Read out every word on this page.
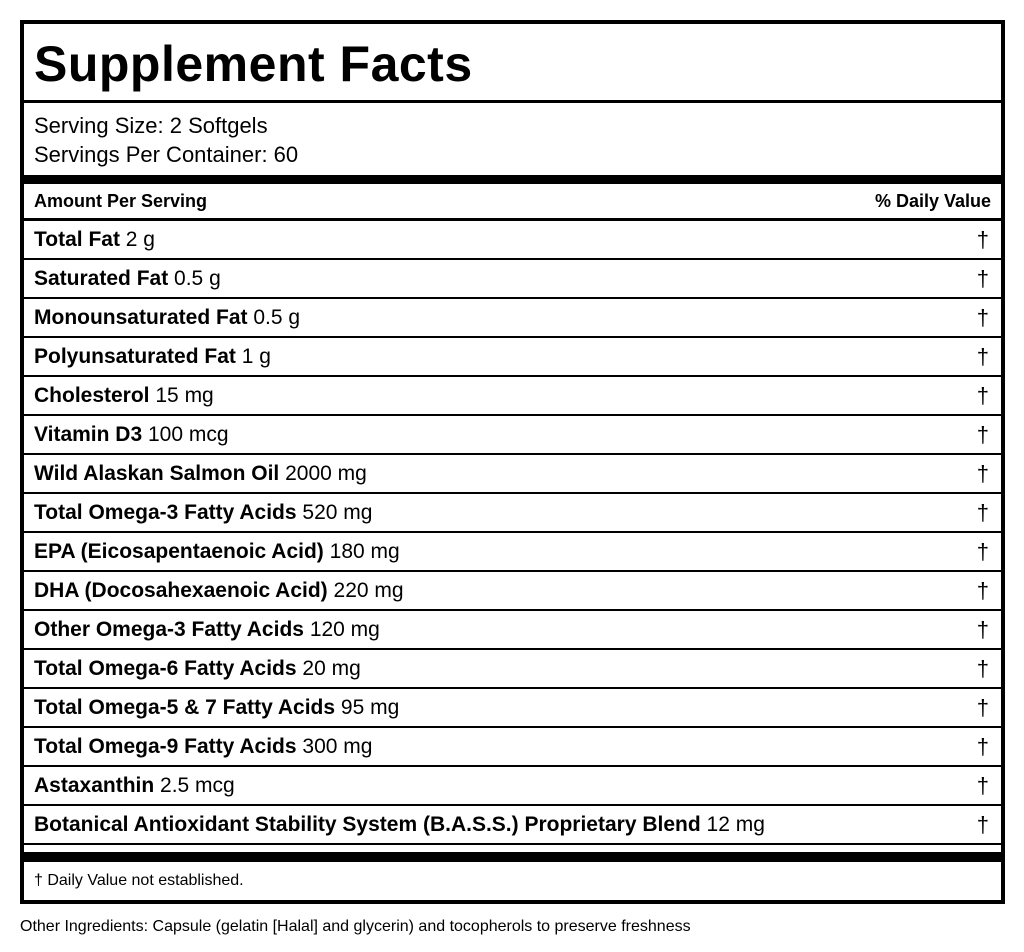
Supplement Facts
Serving Size: 2 Softgels
Servings Per Container: 60
Amount Per Serving	% Daily Value
Total Fat 2 g	†
Saturated Fat 0.5 g	†
Monounsaturated Fat 0.5 g	†
Polyunsaturated Fat 1 g	†
Cholesterol 15 mg	†
Vitamin D3 100 mcg	†
Wild Alaskan Salmon Oil 2000 mg	†
Total Omega-3 Fatty Acids 520 mg	†
EPA (Eicosapentaenoic Acid) 180 mg	†
DHA (Docosahexaenoic Acid) 220 mg	†
Other Omega-3 Fatty Acids 120 mg	†
Total Omega-6 Fatty Acids 20 mg	†
Total Omega-5 & 7 Fatty Acids 95 mg	†
Total Omega-9 Fatty Acids 300 mg	†
Astaxanthin 2.5 mcg	†
Botanical Antioxidant Stability System (B.A.S.S.) Proprietary Blend 12 mg	†
† Daily Value not established.
Other Ingredients: Capsule (gelatin [Halal] and glycerin) and tocopherols to preserve freshness
